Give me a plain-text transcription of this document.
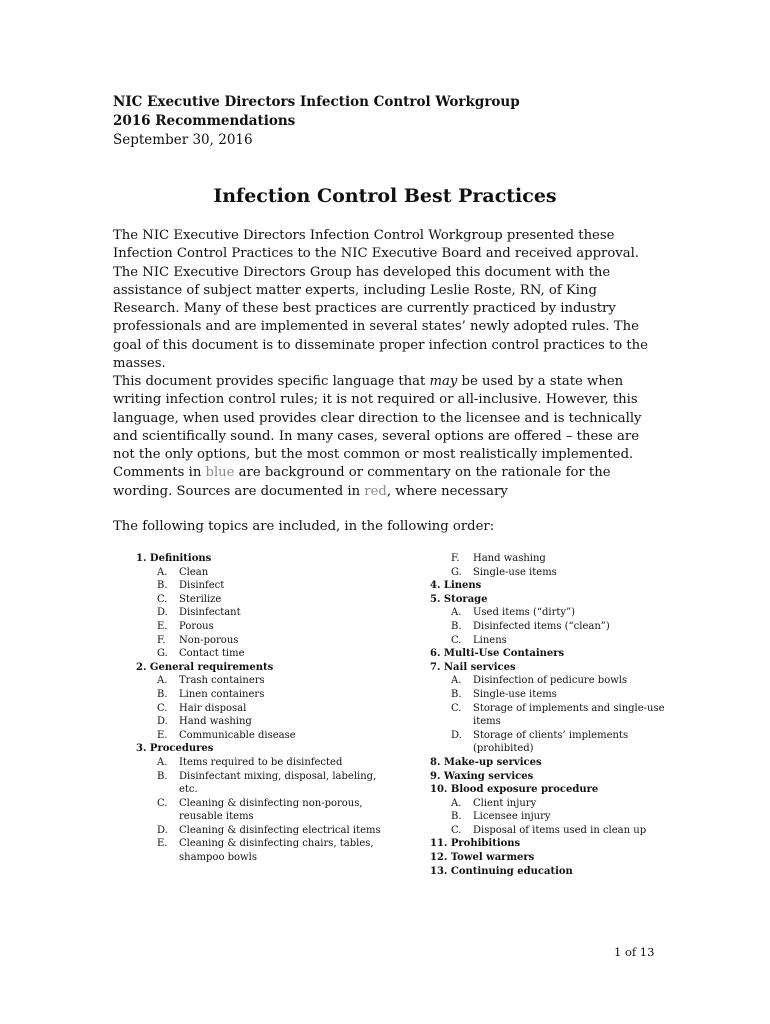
NIC Executive Directors Infection Control Workgroup
2016 Recommendations
September 30, 2016
Infection Control Best Practices

The NIC Executive Directors Infection Control Workgroup presented these Infection Control Practices to the NIC Executive Board and received approval. The NIC Executive Directors Group has developed this document with the assistance of subject matter experts, including Leslie Roste, RN, of King Research. Many of these best practices are currently practiced by industry professionals and are implemented in several states’ newly adopted rules. The goal of this document is to disseminate proper infection control practices to the masses.

This document provides specific language that may be used by a state when writing infection control rules; it is not required or all-inclusive. However, this language, when used provides clear direction to the licensee and is technically and scientifically sound. In many cases, several options are offered – these are not the only options, but the most common or most realistically implemented. Comments in blue are background or commentary on the rationale for the wording. Sources are documented in red, where necessary

The following topics are included, in the following order:

1. Definitions
A.	Clean
B.	Disinfect
C.	Sterilize
D.	Disinfectant
E.	Porous
F.	Non-porous
G.	Contact time
2. General requirements
A.	Trash containers
B.	Linen containers
C.	Hair disposal
D.	Hand washing
E.	Communicable disease
3. Procedures
A.	Items required to be disinfected
B.	Disinfectant mixing, disposal, labeling, etc.
C.	Cleaning & disinfecting non-porous, reusable items
D.	Cleaning & disinfecting electrical items
E.	Cleaning & disinfecting chairs, tables, shampoo bowls
F.	Hand washing
G.	Single-use items
4. Linens
5. Storage
A.	Used items (“dirty”)
B.	Disinfected items (“clean”)
C.	Linens
6. Multi-Use Containers
7. Nail services
A.	Disinfection of pedicure bowls
B.	Single-use items
C.	Storage of implements and single-use items
D.	Storage of clients’ implements (prohibited)
8. Make-up services
9. Waxing services
10. Blood exposure procedure
A.	Client injury
B.	Licensee injury
C.	Disposal of items used in clean up
11. Prohibitions
12. Towel warmers
13. Continuing education
1 of 13
